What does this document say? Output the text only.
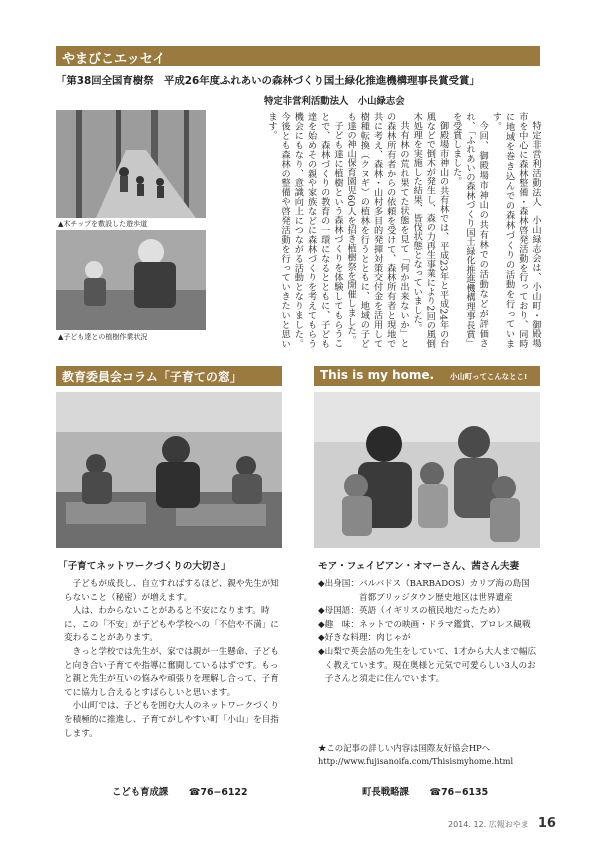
やまびこエッセイ
「第38回全国育樹祭　平成26年度ふれあいの森林づくり国土緑化推進機構理事長賞受賞」
特定非営利活動法人　小山緑志会
▲木チップを敷設した遊歩道
▲子ども達との植樹作業状況	特定非営利活動法人　小山緑志会は、小山町・御殿場市を中心に森林整備・森林啓発活動を行っており、同時に地域を巻き込んでの森林づくりの活動を行っています。

今回、御殿場市神山の共有林での活動などが評価され、「ふれあいの森林づくり国土緑化推進機構理事長賞」を受賞しました。

御殿場市神山の共有林では、平成23年と平成24年の台風などで倒木が発生し、森の力再生事業により2回の風倒木処理を実施した結果、皆伐状態となっていました。

共有林の荒れ果てた状態を見て「何か出来ないか」との森林所有者からの依頼を受けて、森林所有者と現地で共に考え、森林・山村多目的発揮対策交付金を活用して樹種転換（クヌギ）の植林を行うとともに、地域の子ども達の神山保育園児60人を招き植樹祭を開催しました。

子ども達に植樹という森林づくりを体験してもらうことで、森林づくりの教育の一環になるとともに、子ども達を始めその親や家族などに森林づくりを考えてもらう機会にもなり、意識向上につながる活動となりました。今後とも森林の整備や啓発活動を行っていきたいと思います。

教育委員会コラム「子育ての窓」
「子育てネットワークづくりの大切さ」

子どもが成長し、自立すればするほど、親や先生が知らないこと（秘密）が増えます。

人は、わからないことがあると不安になります。時に、この「不安」が子どもや学校への「不信や不満」に変わることがあります。

きっと学校では先生が、家では親が一生懸命、子どもと向き合い子育てや指導に奮闘しているはずです。もっと親と先生が互いの悩みや頑張りを理解し合って、子育てに協力し合えるとすばらしいと思います。

小山町では、子どもを囲む大人のネットワークづくりを積極的に推進し、子育てがしやすい町「小山」を目指します。

こども育成課 ☎76−6122
This is my home. 小山町ってこんなとこ!
モア・フェイビアン・オマーさん、茜さん夫妻
◆出身国： バルバドス（BARBADOS）カリブ海の島国　首都ブリッジタウン歴史地区は世界遺産
◆母国語： 英語（イギリスの植民地だったため）
◆趣　味： ネットでの映画・ドラマ鑑賞、プロレス観戦
◆好きな料理： 肉じゃが
◆ 山梨で英会話の先生をしていて、1才から大人まで幅広く教えています。現在奥様と元気で可愛らしい3人のお子さんと須走に住んでいます。
★この記事の詳しい内容は国際友好協会HPへ
http://www.fujisanoifa.com/Thisismyhome.html
町長戦略課 ☎76−6135
2014. 12. 広報おやま 16
